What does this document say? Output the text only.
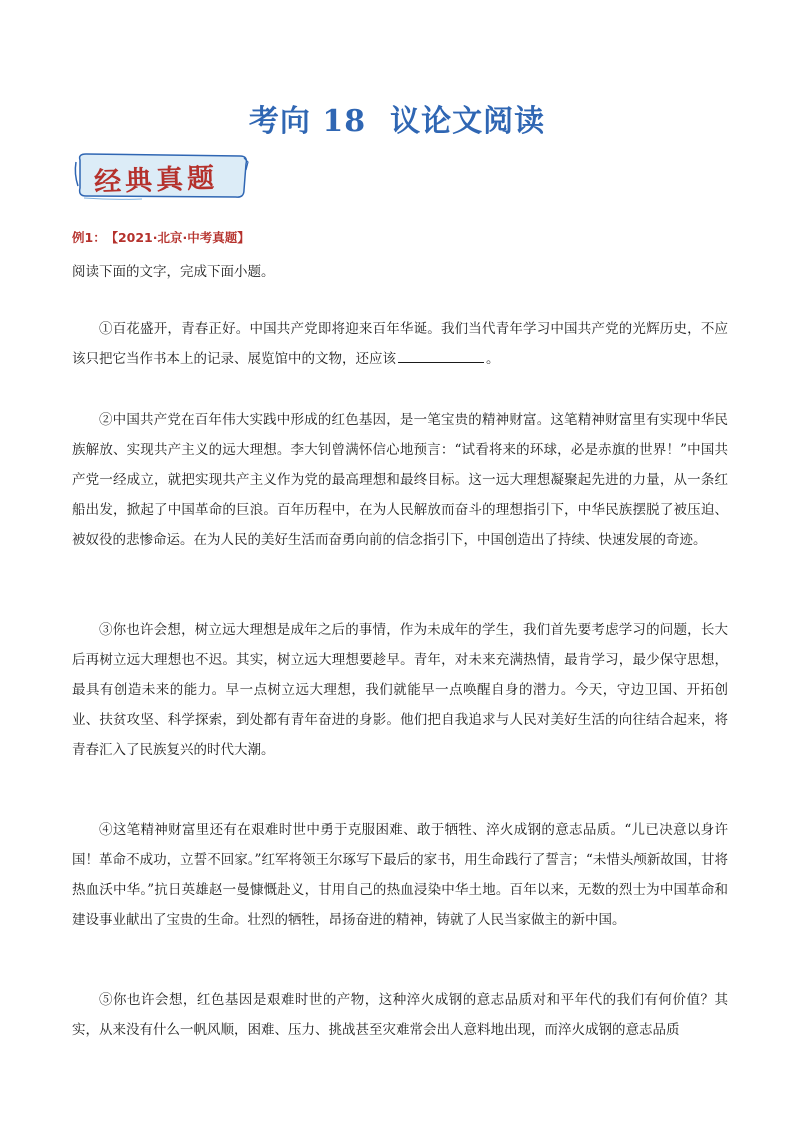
考向 18 议论文阅读
经典真题
例1： 【2021·北京·中考真题】
阅读下面的文字，完成下面小题。
①百花盛开，青春正好。中国共产党即将迎来百年华诞。我们当代青年学习中国共产党的光辉历史，不应该只把它当作书本上的记录、展览馆中的文物，还应该	。
②中国共产党在百年伟大实践中形成的红色基因，是一笔宝贵的精神财富。这笔精神财富里有实现中华民族解放、实现共产主义的远大理想。李大钊曾满怀信心地预言：“试看将来的环球，必是赤旗的世界！”中国共产党一经成立，就把实现共产主义作为党的最高理想和最终目标。这一远大理想凝聚起先进的力量，从一条红船出发，掀起了中国革命的巨浪。百年历程中，在为人民解放而奋斗的理想指引下，中华民族摆脱了被压迫、被奴役的悲惨命运。在为人民的美好生活而奋勇向前的信念指引下，中国创造出了持续、快速发展的奇迹。
③你也许会想，树立远大理想是成年之后的事情，作为未成年的学生，我们首先要考虑学习的问题，长大后再树立远大理想也不迟。其实，树立远大理想要趁早。青年，对未来充满热情，最肯学习，最少保守思想，最具有创造未来的能力。早一点树立远大理想，我们就能早一点唤醒自身的潜力。今天，守边卫国、开拓创业、扶贫攻坚、科学探索，到处都有青年奋进的身影。他们把自我追求与人民对美好生活的向往结合起来，将青春汇入了民族复兴的时代大潮。
④这笔精神财富里还有在艰难时世中勇于克服困难、敢于牺牲、淬火成钢的意志品质。“儿已决意以身许国！革命不成功，立誓不回家。”红军将领王尔琢写下最后的家书，用生命践行了誓言；“未惜头颅新故国，甘将热血沃中华。”抗日英雄赵一曼慷慨赴义，甘用自己的热血浸染中华土地。百年以来，无数的烈士为中国革命和建设事业献出了宝贵的生命。壮烈的牺牲，昂扬奋进的精神，铸就了人民当家做主的新中国。
⑤你也许会想，红色基因是艰难时世的产物，这种淬火成钢的意志品质对和平年代的我们有何价值？其实，从来没有什么一帆风顺，困难、压力、挑战甚至灾难常会出人意料地出现，而淬火成钢的意志品质
